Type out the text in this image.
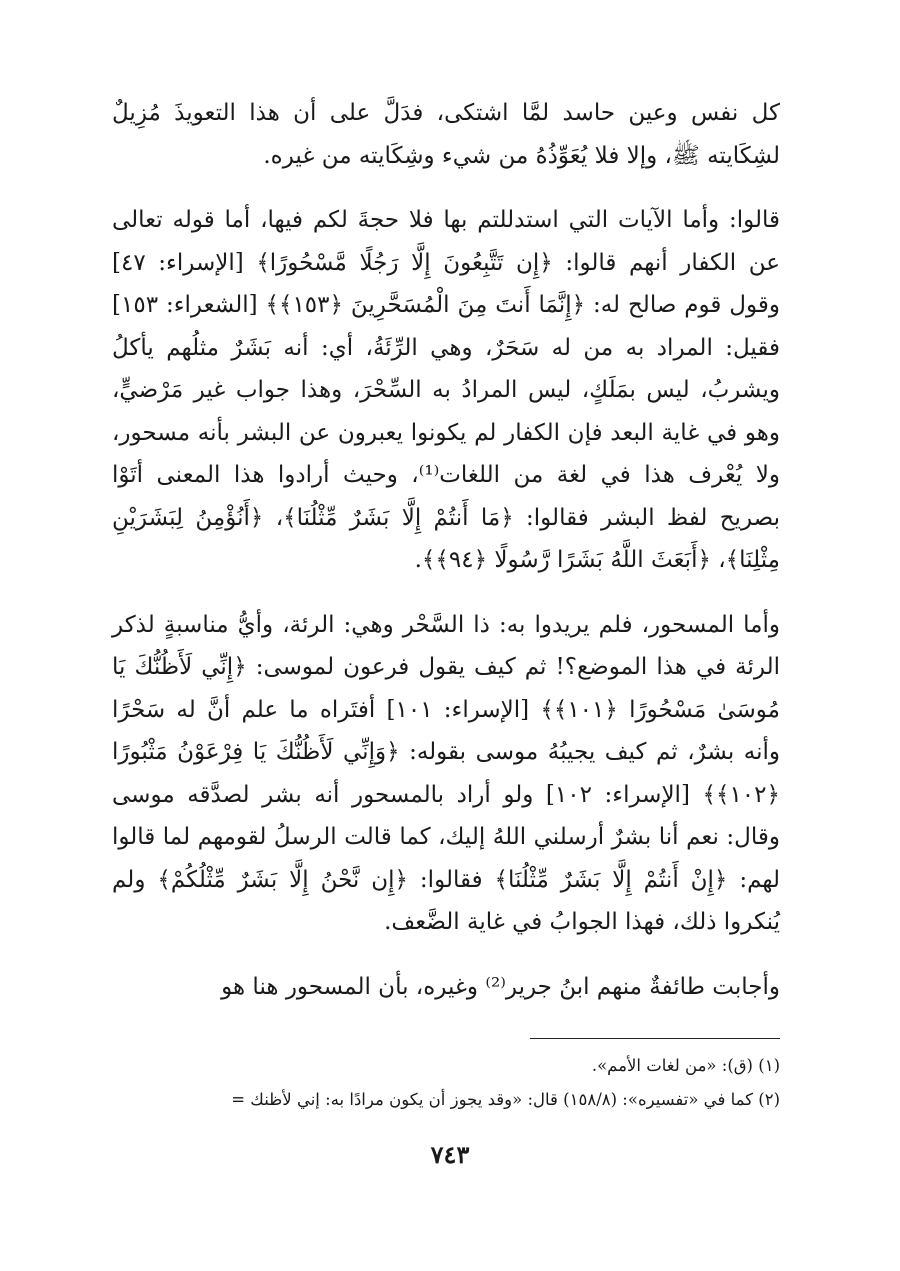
كل نفس وعين حاسد لمَّا اشتكى، فدَلَّ على أن هذا التعويذَ مُزِيلٌ لشِكَايته ﷺ، وإلا فلا يُعَوِّذُهُ من شيء وشِكَايته من غيره.

قالوا: وأما الآيات التي استدللتم بها فلا حجةَ لكم فيها، أما قوله تعالى عن الكفار أنهم قالوا: ﴿إِن تَتَّبِعُونَ إِلَّا رَجُلًا مَّسْحُورًا﴾ [الإسراء: ٤٧] وقول قوم صالح له: ﴿إِنَّمَا أَنتَ مِنَ الْمُسَحَّرِينَ ﴿١٥٣﴾﴾ [الشعراء: ١٥٣] فقيل: المراد به من له سَحَرٌ، وهي الرِّئَةُ، أي: أنه بَشَرٌ مثلُهم يأكلُ ويشربُ، ليس بمَلَكٍ، ليس المرادُ به السِّحْرَ، وهذا جواب غير مَرْضيٍّ، وهو في غاية البعد فإن الكفار لم يكونوا يعبرون عن البشر بأنه مسحور، ولا يُعْرف هذا في لغة من اللغات⁽¹⁾، وحيث أرادوا هذا المعنى أتَوْا بصريح لفظ البشر فقالوا: ﴿مَا أَنتُمْ إِلَّا بَشَرٌ مِّثْلُنَا﴾، ﴿أَنُؤْمِنُ لِبَشَرَيْنِ مِثْلِنَا﴾، ﴿أَبَعَثَ اللَّهُ بَشَرًا رَّسُولًا ﴿٩٤﴾﴾.

وأما المسحور، فلم يريدوا به: ذا السَّحْر وهي: الرئة، وأيُّ مناسبةٍ لذكر الرئة في هذا الموضع؟! ثم كيف يقول فرعون لموسى: ﴿إِنِّي لَأَظُنُّكَ يَا مُوسَىٰ مَسْحُورًا ﴿١٠١﴾﴾ [الإسراء: ١٠١] أفتَراه ما علم أنَّ له سَحْرًا وأنه بشرٌ، ثم كيف يجيبُهُ موسى بقوله: ﴿وَإِنِّي لَأَظُنُّكَ يَا فِرْعَوْنُ مَثْبُورًا ﴿١٠٢﴾﴾ [الإسراء: ١٠٢] ولو أراد بالمسحور أنه بشر لصدَّقه موسى وقال: نعم أنا بشرٌ أرسلني اللهُ إليك، كما قالت الرسلُ لقومهم لما قالوا لهم: ﴿إِنْ أَنتُمْ إِلَّا بَشَرٌ مِّثْلُنَا﴾ فقالوا: ﴿إِن نَّحْنُ إِلَّا بَشَرٌ مِّثْلُكُمْ﴾ ولم يُنكروا ذلك، فهذا الجوابُ في غاية الضَّعف.

وأجابت طائفةٌ منهم ابنُ جرير⁽²⁾ وغيره، بأن المسحور هنا هو

(١) (ق): «من لغات الأمم».

(٢) كما في «تفسيره»: (١٥٨/٨) قال: «وقد يجوز أن يكون مرادًا به: إني لأظنك =

٧٤٣
